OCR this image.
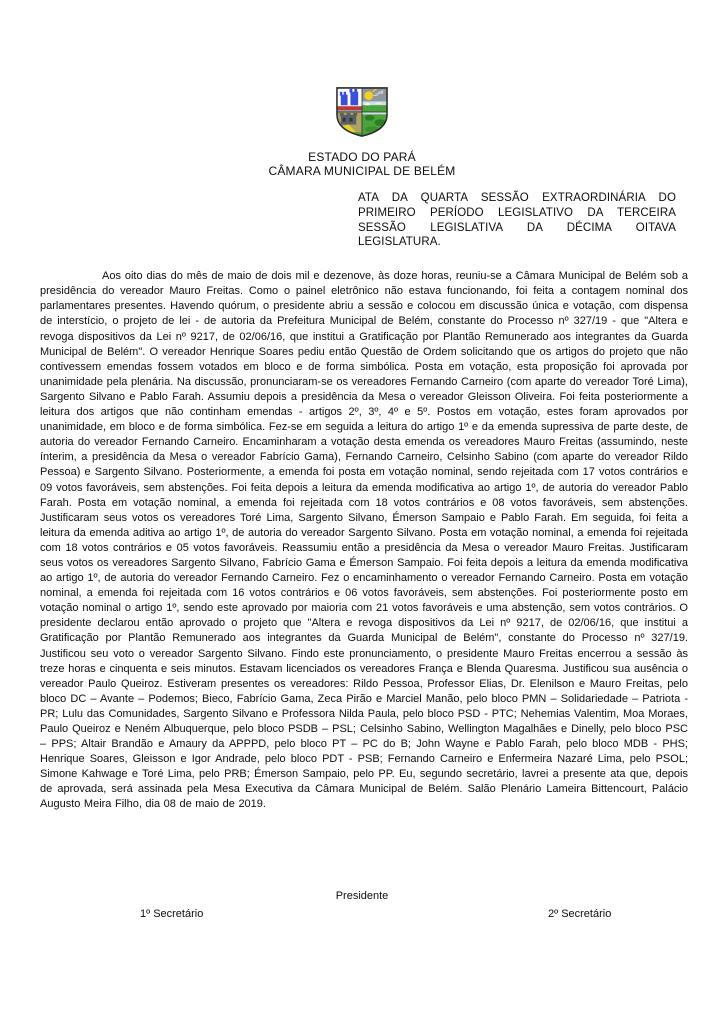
ESTADO DO PARÁ
CÂMARA MUNICIPAL DE BELÉM
ATA DA QUARTA SESSÃO EXTRAORDINÁRIA DO PRIMEIRO PERÍODO LEGISLATIVO DA TERCEIRA SESSÃO LEGISLATIVA DA DÉCIMA OITAVA LEGISLATURA.

Aos oito dias do mês de maio de dois mil e dezenove, às doze horas, reuniu-se a Câmara Municipal de Belém sob a presidência do vereador Mauro Freitas. Como o painel eletrônico não estava funcionando, foi feita a contagem nominal dos parlamentares presentes. Havendo quórum, o presidente abriu a sessão e colocou em discussão única e votação, com dispensa de interstício, o projeto de lei - de autoria da Prefeitura Municipal de Belém, constante do Processo nº 327/19 - que "Altera e revoga dispositivos da Lei nº 9217, de 02/06/16, que institui a Gratificação por Plantão Remunerado aos integrantes da Guarda Municipal de Belém". O vereador Henrique Soares pediu então Questão de Ordem solicitando que os artigos do projeto que não contivessem emendas fossem votados em bloco e de forma simbólica. Posta em votação, esta proposição foi aprovada por unanimidade pela plenária. Na discussão, pronunciaram-se os vereadores Fernando Carneiro (com aparte do vereador Toré Lima), Sargento Silvano e Pablo Farah. Assumiu depois a presidência da Mesa o vereador Gleisson Oliveira. Foi feita posteriormente a leitura dos artigos que não continham emendas - artigos 2º, 3º, 4º e 5º. Postos em votação, estes foram aprovados por unanimidade, em bloco e de forma simbólica. Fez-se em seguida a leitura do artigo 1º e da emenda supressiva de parte deste, de autoria do vereador Fernando Carneiro. Encaminharam a votação desta emenda os vereadores Mauro Freitas (assumindo, neste ínterim, a presidência da Mesa o vereador Fabrício Gama), Fernando Carneiro, Celsinho Sabino (com aparte do vereador Rildo Pessoa) e Sargento Silvano. Posteriormente, a emenda foi posta em votação nominal, sendo rejeitada com 17 votos contrários e 09 votos favoráveis, sem abstenções. Foi feita depois a leitura da emenda modificativa ao artigo 1º, de autoria do vereador Pablo Farah. Posta em votação nominal, a emenda foi rejeitada com 18 votos contrários e 08 votos favoráveis, sem abstenções. Justificaram seus votos os vereadores Toré Lima, Sargento Silvano, Émerson Sampaio e Pablo Farah. Em seguida, foi feita a leitura da emenda aditiva ao artigo 1º, de autoria do vereador Sargento Silvano. Posta em votação nominal, a emenda foi rejeitada com 18 votos contrários e 05 votos favoráveis. Reassumiu então a presidência da Mesa o vereador Mauro Freitas. Justificaram seus votos os vereadores Sargento Silvano, Fabrício Gama e Émerson Sampaio. Foi feita depois a leitura da emenda modificativa ao artigo 1º, de autoria do vereador Fernando Carneiro. Fez o encaminhamento o vereador Fernando Carneiro. Posta em votação nominal, a emenda foi rejeitada com 16 votos contrários e 06 votos favoráveis, sem abstenções. Foi posteriormente posto em votação nominal o artigo 1º, sendo este aprovado por maioria com 21 votos favoráveis e uma abstenção, sem votos contrários. O presidente declarou então aprovado o projeto que "Altera e revoga dispositivos da Lei nº 9217, de 02/06/16, que institui a Gratificação por Plantão Remunerado aos integrantes da Guarda Municipal de Belém", constante do Processo nº 327/19. Justificou seu voto o vereador Sargento Silvano. Findo este pronunciamento, o presidente Mauro Freitas encerrou a sessão às treze horas e cinquenta e seis minutos. Estavam licenciados os vereadores França e Blenda Quaresma. Justificou sua ausência o vereador Paulo Queiroz. Estiveram presentes os vereadores: Rildo Pessoa, Professor Elias, Dr. Elenilson e Mauro Freitas, pelo bloco DC – Avante – Podemos; Bieco, Fabrício Gama, Zeca Pirão e Marciel Manão, pelo bloco PMN – Solidariedade – Patriota - PR; Lulu das Comunidades, Sargento Silvano e Professora Nilda Paula, pelo bloco PSD - PTC; Nehemias Valentim, Moa Moraes, Paulo Queiroz e Neném Albuquerque, pelo bloco PSDB – PSL; Celsinho Sabino, Wellington Magalhães e Dinelly, pelo bloco PSC – PPS; Altair Brandão e Amaury da APPPD, pelo bloco PT – PC do B; John Wayne e Pablo Farah, pelo bloco MDB - PHS; Henrique Soares, Gleisson e Igor Andrade, pelo bloco PDT - PSB; Fernando Carneiro e Enfermeira Nazaré Lima, pelo PSOL; Simone Kahwage e Toré Lima, pelo PRB; Émerson Sampaio, pelo PP. Eu, segundo secretário, lavrei a presente ata que, depois de aprovada, será assinada pela Mesa Executiva da Câmara Municipal de Belém. Salão Plenário Lameira Bittencourt, Palácio Augusto Meira Filho, dia 08 de maio de 2019.

Presidente
1º Secretário	2º Secretário
